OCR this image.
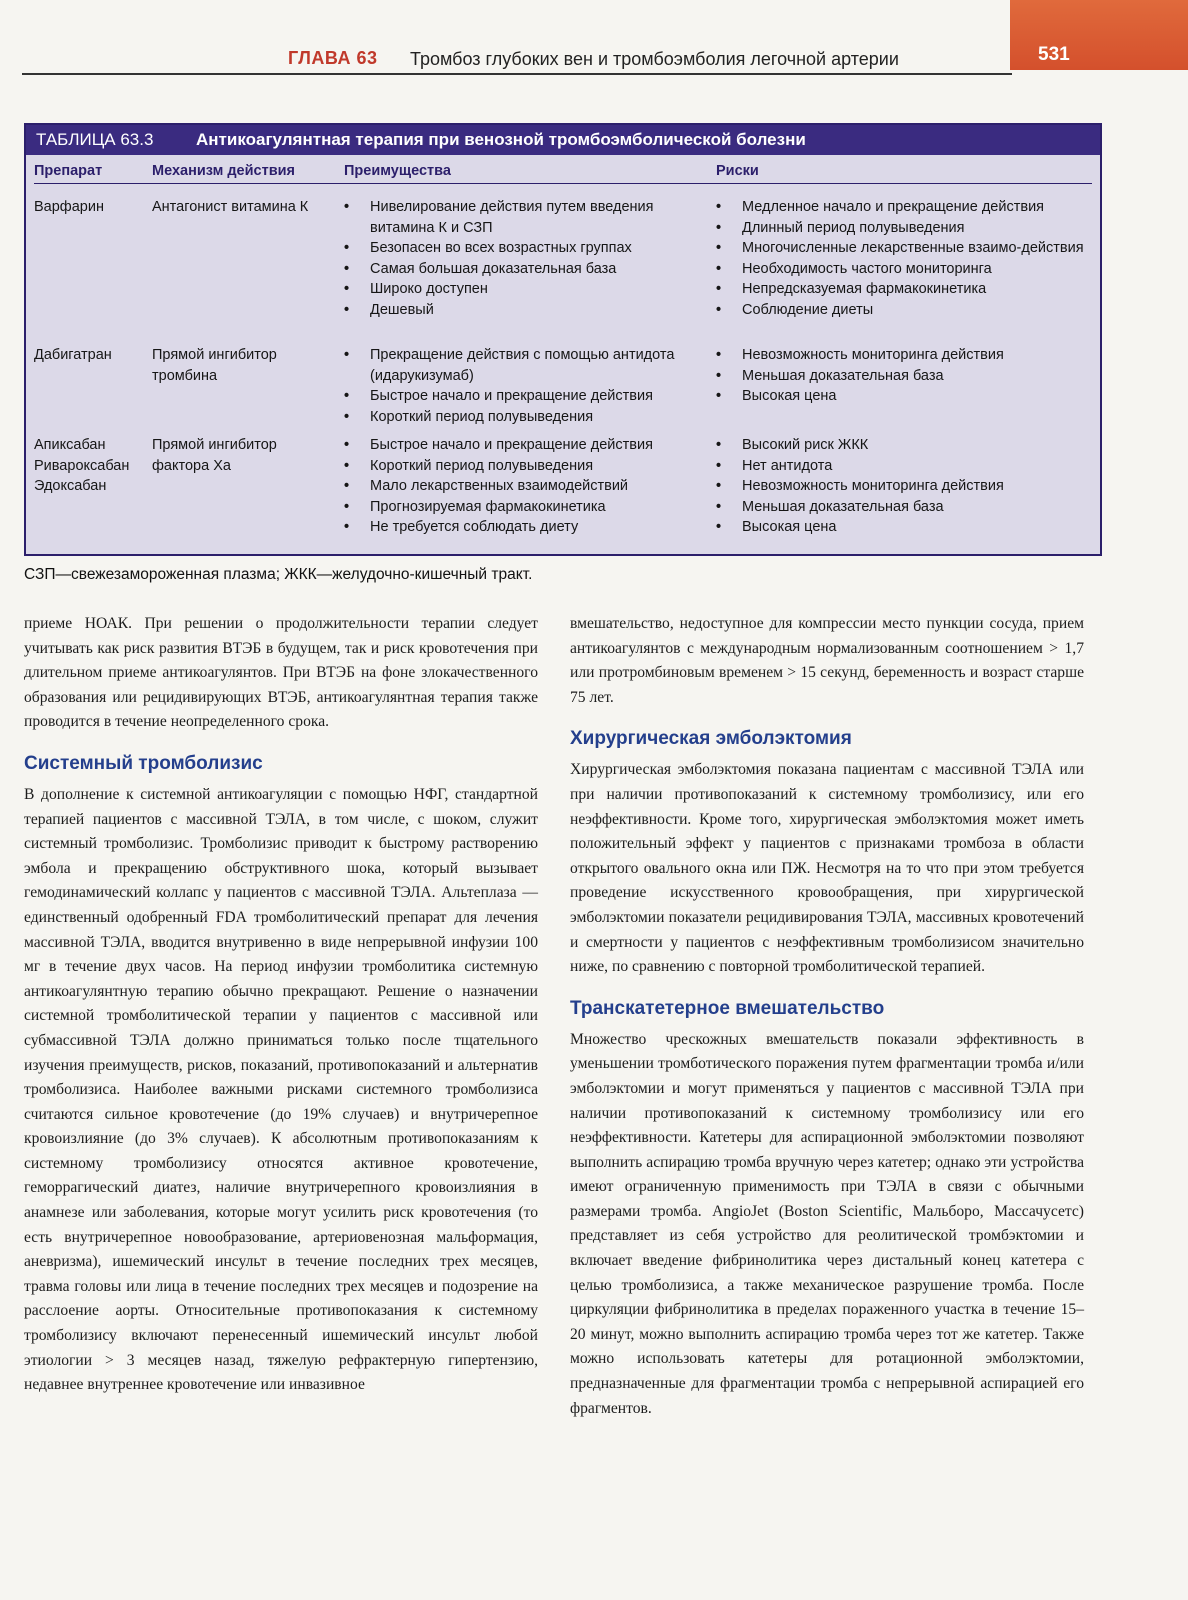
ГЛАВА 63 Тромбоз глубоких вен и тромбоэмболия легочной артерии	531
ТАБЛИЦА 63.3	Антикоагулянтная терапия при венозной тромбоэмболической болезни
Препарат	Механизм действия	Преимущества	Риски
Варфарин	Антагонист витамина К
•	Нивелирование действия путем введения витамина К и СЗП
• Безопасен во всех возрастных группах
• Самая большая доказательная база
• Широко доступен
• Дешевый
• Медленное начало и прекращение действия
• Длинный период полувыведения
• Многочисленные лекарственные взаимо-действия
• Необходимость частого мониторинга
• Непредсказуемая фармакокинетика
• Соблюдение диеты
Дабигатран	Прямой ингибитор
тромбина
• Прекращение действия с помощью антидота (идарукизумаб)
• Быстрое начало и прекращение действия
• Короткий период полувыведения
• Невозможность мониторинга действия
• Меньшая доказательная база
• Высокая цена
Апиксабан
Ривароксабан
Эдоксабан
Прямой ингибитор
фактора Ха
• Быстрое начало и прекращение действия
• Короткий период полувыведения
• Мало лекарственных взаимодействий
• Прогнозируемая фармакокинетика
• Не требуется соблюдать диету
• Высокий риск ЖКК
• Нет антидота
• Невозможность мониторинга действия
• Меньшая доказательная база
• Высокая цена
СЗП—свежезамороженная плазма; ЖКК—желудочно-кишечный тракт.

приеме НОАК. При решении о продолжительности терапии следует учитывать как риск развития ВТЭБ в будущем, так и риск кровотечения при длительном приеме антикоагулянтов. При ВТЭБ на фоне злокачественного образования или рецидивирующих ВТЭБ, антикоагулянтная терапия также проводится в течение неопределенного срока.

Системный тромболизис

В дополнение к системной антикоагуляции с помощью НФГ, стандартной терапией пациентов с массивной ТЭЛА, в том числе, с шоком, служит системный тромболизис. Тромболизис приводит к быстрому растворению эмбола и прекращению обструктивного шока, который вызывает гемодинамический коллапс у пациентов с массивной ТЭЛА. Альтеплаза — единственный одобренный FDA тромболитический препарат для лечения массивной ТЭЛА, вводится внутривенно в виде непрерывной инфузии 100 мг в течение двух часов. На период инфузии тромболитика системную антикоагулянтную терапию обычно прекращают. Решение о назначении системной тромболитической терапии у пациентов с массивной или субмассивной ТЭЛА должно приниматься только после тщательного изучения преимуществ, рисков, показаний, противопоказаний и альтернатив тромболизиса. Наиболее важными рисками системного тромболизиса считаются сильное кровотечение (до 19% случаев) и внутричерепное кровоизлияние (до 3% случаев). К абсолютным противопоказаниям к системному тромболизису относятся активное кровотечение, геморрагический диатез, наличие внутричерепного кровоизлияния в анамнезе или заболевания, которые могут усилить риск кровотечения (то есть внутричерепное новообразование, артериовенозная мальформация, аневризма), ишемический инсульт в течение последних трех месяцев, травма головы или лица в течение последних трех месяцев и подозрение на расслоение аорты. Относительные противопоказания к системному тромболизису включают перенесенный ишемический инсульт любой этиологии > 3 месяцев назад, тяжелую рефрактерную гипертензию, недавнее внутреннее кровотечение или инвазивное

вмешательство, недоступное для компрессии место пункции сосуда, прием антикоагулянтов с международным нормализованным соотношением > 1,7 или протромбиновым временем > 15 секунд, беременность и возраст старше 75 лет.

Хирургическая эмболэктомия

Хирургическая эмболэктомия показана пациентам с массивной ТЭЛА или при наличии противопоказаний к системному тромболизису, или его неэффективности. Кроме того, хирургическая эмболэктомия может иметь положительный эффект у пациентов с признаками тромбоза в области открытого овального окна или ПЖ. Несмотря на то что при этом требуется проведение искусственного кровообращения, при хирургической эмболэктомии показатели рецидивирования ТЭЛА, массивных кровотечений и смертности у пациентов с неэффективным тромболизисом значительно ниже, по сравнению с повторной тромболитической терапией.

Транскатетерное вмешательство

Множество чрескожных вмешательств показали эффективность в уменьшении тромботического поражения путем фрагментации тромба и/или эмболэктомии и могут применяться у пациентов с массивной ТЭЛА при наличии противопоказаний к системному тромболизису или его неэффективности. Катетеры для аспирационной эмболэктомии позволяют выполнить аспирацию тромба вручную через катетер; однако эти устройства имеют ограниченную применимость при ТЭЛА в связи с обычными размерами тромба. AngioJet (Boston Scientific, Мальборо, Массачусетс) представляет из себя устройство для реолитической тромбэктомии и включает введение фибринолитика через дистальный конец катетера с целью тромболизиса, а также механическое разрушение тромба. После циркуляции фибринолитика в пределах пораженного участка в течение 15–20 минут, можно выполнить аспирацию тромба через тот же катетер. Также можно использовать катетеры для ротационной эмболэктомии, предназначенные для фрагментации тромба с непрерывной аспирацией его фрагментов.
